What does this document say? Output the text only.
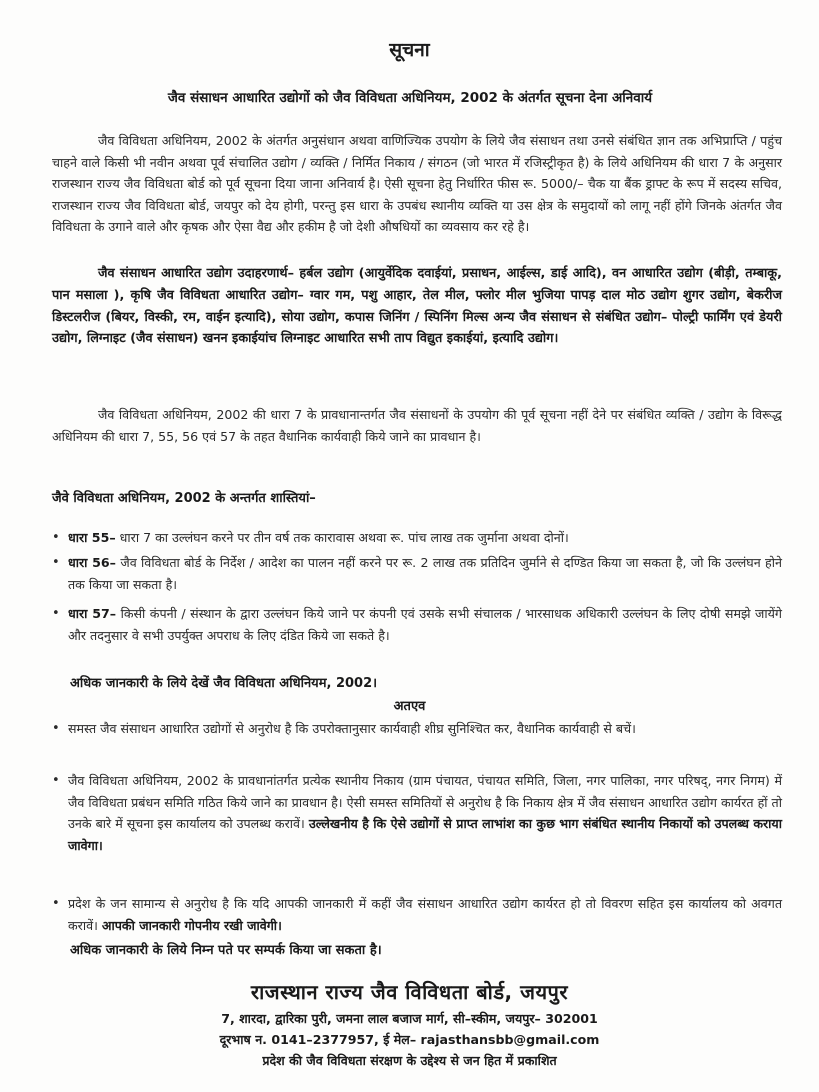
सूचना
जैव संसाधन आधारित उद्योगों को जैव विविधता अधिनियम, 2002 के अंतर्गत सूचना देना अनिवार्य
जैव विविधता अधिनियम, 2002 के अंतर्गत अनुसंधान अथवा वाणिज्यिक उपयोग के लिये जैव संसाधन तथा उनसे संबंधित ज्ञान तक अभिप्राप्ति / पहुंच चाहने वाले किसी भी नवीन अथवा पूर्व संचालित उद्योग / व्यक्ति / निर्मित निकाय / संगठन (जो भारत में रजिस्ट्रीकृत है) के लिये अधिनियम की धारा 7 के अनुसार राजस्थान राज्य जैव विविधता बोर्ड को पूर्व सूचना दिया जाना अनिवार्य है। ऐसी सूचना हेतु निर्धारित फीस रू. 5000/– चैक या बैंक ड्राफ्ट के रूप में सदस्य सचिव, राजस्थान राज्य जैव विविधता बोर्ड, जयपुर को देय होगी, परन्तु इस धारा के उपबंध स्थानीय व्यक्ति या उस क्षेत्र के समुदायों को लागू नहीं होंगे जिनके अंतर्गत जैव विविधता के उगाने वाले और कृषक और ऐसा वैद्य और हकीम है जो देशी औषधियों का व्यवसाय कर रहे है।
जैव संसाधन आधारित उद्योग उदाहरणार्थ– हर्बल उद्योग (आयुर्वेदिक दवाईयां, प्रसाधन, आईल्स, डाई आदि), वन आधारित उद्योग (बीड़ी, तम्बाकू, पान मसाला ), कृषि जैव विविधता आधारित उद्योग– ग्वार गम, पशु आहार, तेल मील, फ्लोर मील भुजिया पापड़ दाल मोठ उद्योग शुगर उद्योग, बेकरीज डिस्टलरीज (बियर, विस्की, रम, वाईन इत्यादि), सोया उद्योग, कपास जिनिंग / स्पिनिंग मिल्स अन्य जैव संसाधन से संबंधित उद्योग– पोल्ट्री फार्मिंग एवं डेयरी उद्योग, लिग्नाइट (जैव संसाधन) खनन इकाईयांच लिग्नाइट आधारित सभी ताप विद्युत इकाईयां, इत्यादि उद्योग।
जैव विविधता अधिनियम, 2002 की धारा 7 के प्रावधानान्तर्गत जैव संसाधनों के उपयोग की पूर्व सूचना नहीं देने पर संबंधित व्यक्ति / उद्योग के विरूद्ध अधिनियम की धारा 7, 55, 56 एवं 57 के तहत वैधानिक कार्यवाही किये जाने का प्रावधान है।
जैवे विविधता अधिनियम, 2002 के अन्तर्गत शास्तियां–
• धारा 55– धारा 7 का उल्लंघन करने पर तीन वर्ष तक कारावास अथवा रू. पांच लाख तक जुर्माना अथवा दोनों।
• धारा 56– जैव विविधता बोर्ड के निर्देश / आदेश का पालन नहीं करने पर रू. 2 लाख तक प्रतिदिन जुर्माने से दण्डित किया जा सकता है, जो कि उल्लंघन होने तक किया जा सकता है।
• धारा 57– किसी कंपनी / संस्थान के द्वारा उल्लंघन किये जाने पर कंपनी एवं उसके सभी संचालक / भारसाधक अधिकारी उल्लंघन के लिए दोषी समझे जायेंगे और तदनुसार वे सभी उपर्युक्त अपराध के लिए दंडित किये जा सकते है।
अधिक जानकारी के लिये देखें जैव विविधता अधिनियम, 2002।
अतएव
• समस्त जैव संसाधन आधारित उद्योगों से अनुरोध है कि उपरोक्तानुसार कार्यवाही शीघ्र सुनिश्चित कर, वैधानिक कार्यवाही से बचें।
• जैव विविधता अधिनियम, 2002 के प्रावधानांतर्गत प्रत्येक स्थानीय निकाय (ग्राम पंचायत, पंचायत समिति, जिला, नगर पालिका, नगर परिषद्, नगर निगम) में जैव विविधता प्रबंधन समिति गठित किये जाने का प्रावधान है। ऐसी समस्त समितियों से अनुरोध है कि निकाय क्षेत्र में जैव संसाधन आधारित उद्योग कार्यरत हों तो उनके बारे में सूचना इस कार्यालय को उपलब्ध करावें। उल्लेखनीय है कि ऐसे उद्योगों से प्राप्त लाभांश का कुछ भाग संबंधित स्थानीय निकायों को उपलब्ध कराया जावेगा।
• प्रदेश के जन सामान्य से अनुरोध है कि यदि आपकी जानकारी में कहीं जैव संसाधन आधारित उद्योग कार्यरत हो तो विवरण सहित इस कार्यालय को अवगत करावें। आपकी जानकारी गोपनीय रखी जावेगी।
अधिक जानकारी के लिये निम्न पते पर सम्पर्क किया जा सकता है।
राजस्थान राज्य जैव विविधता बोर्ड, जयपुर
7, शारदा, द्वारिका पुरी, जमना लाल बजाज मार्ग, सी–स्कीम, जयपुर– 302001
दूरभाष न. 0141–2377957, ई मेल– rajasthansbb@gmail.com
प्रदेश की जैव विविधता संरक्षण के उद्देश्य से जन हित में प्रकाशित
